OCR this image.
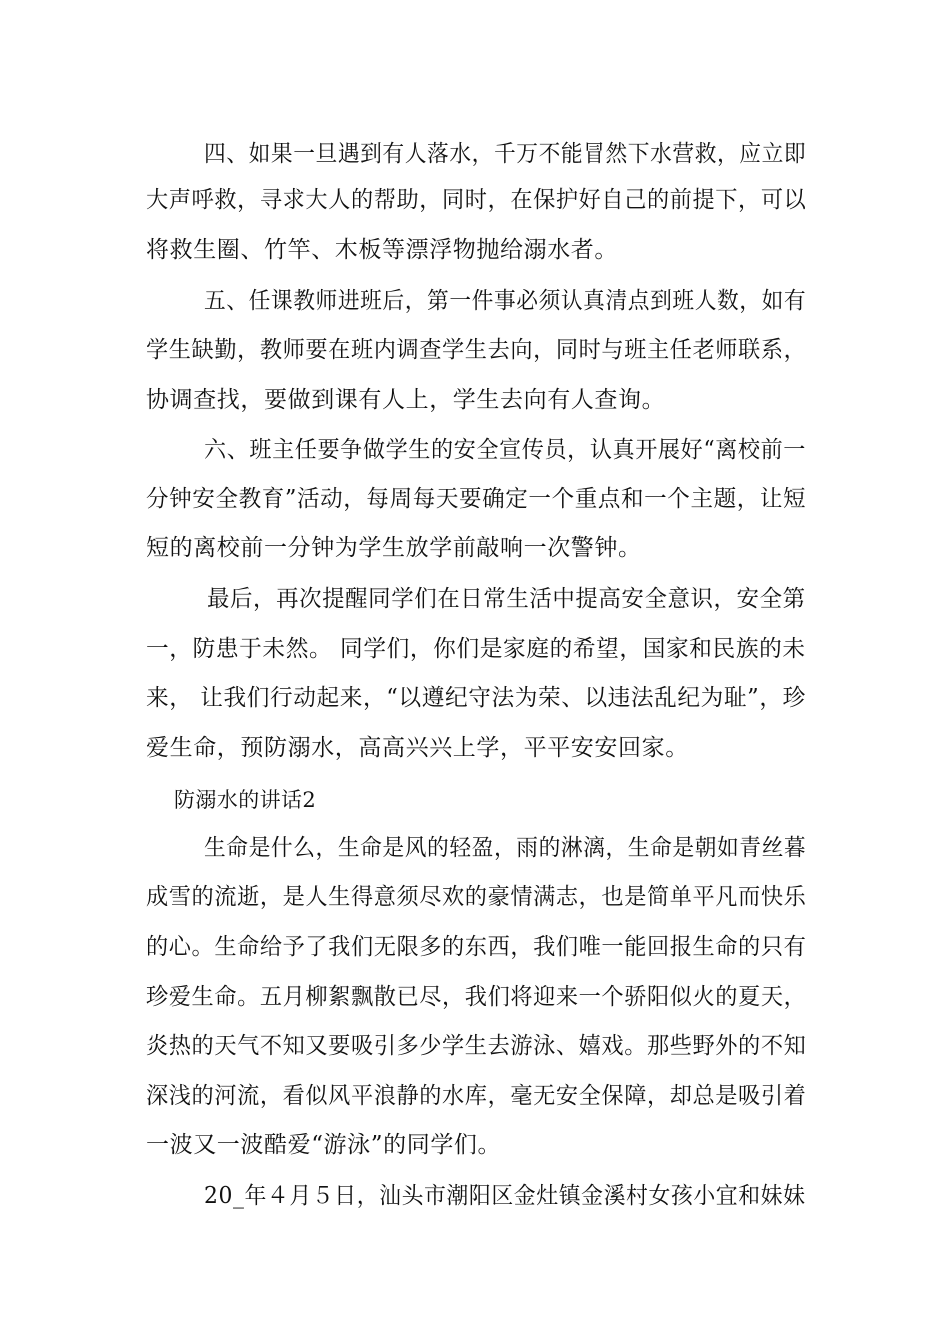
四、如果一旦遇到有人落水，千万不能冒然下水营救，应立即
大声呼救，寻求大人的帮助，同时，在保护好自己的前提下，可以
将救生圈、竹竿、木板等漂浮物抛给溺水者。
五、任课教师进班后，第一件事必须认真清点到班人数，如有
学生缺勤，教师要在班内调查学生去向，同时与班主任老师联系，
协调查找，要做到课有人上，学生去向有人查询。
六、班主任要争做学生的安全宣传员，认真开展好“离校前一
分钟安全教育”活动，每周每天要确定一个重点和一个主题，让短
短的离校前一分钟为学生放学前敲响一次警钟。
最后，再次提醒同学们在日常生活中提高安全意识，安全第
一，防患于未然。 同学们，你们是家庭的希望，国家和民族的未
来， 让我们行动起来，“以遵纪守法为荣、以违法乱纪为耻”，珍
爱生命，预防溺水，高高兴兴上学，平平安安回家。
防溺水的讲话2
生命是什么，生命是风的轻盈，雨的淋漓，生命是朝如青丝暮
成雪的流逝，是人生得意须尽欢的豪情满志，也是简单平凡而快乐
的心。生命给予了我们无限多的东西，我们唯一能回报生命的只有
珍爱生命。五月柳絮飘散已尽，我们将迎来一个骄阳似火的夏天，
炎热的天气不知又要吸引多少学生去游泳、嬉戏。那些野外的不知
深浅的河流，看似风平浪静的水库，毫无安全保障，却总是吸引着
一波又一波酷爱“游泳”的同学们。
20_年４月５日，汕头市潮阳区金灶镇金溪村女孩小宜和妹妹
